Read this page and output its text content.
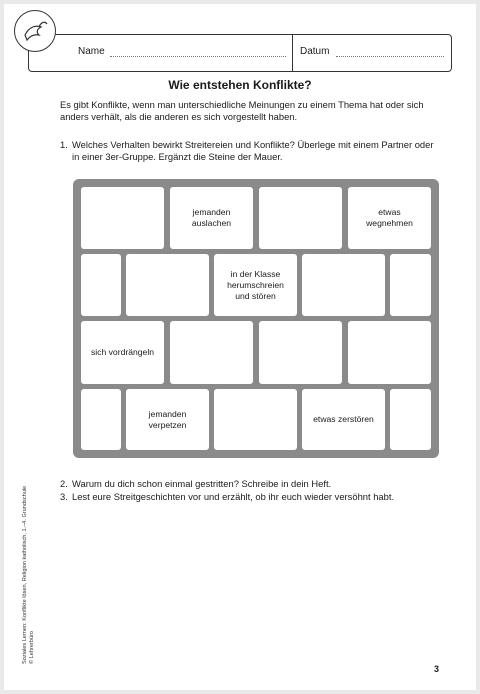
Name	Datum
Wie entstehen Konflikte?
Es gibt Konflikte, wenn man unterschiedliche Meinungen zu einem Thema hat oder sich anders verhält, als die anderen es sich vorgestellt haben.
1. Welches Verhalten bewirkt Streitereien und Konflikte? Überlege mit einem Partner oder in einer 3er-Gruppe. Ergänzt die Steine der Mauer.
jemanden
auslachen
etwas
wegnehmen
in der Klasse
herumschreien
und stören
sich vordrängeln
jemanden
verpetzen
etwas zerstören
2. Warum du dich schon einmal gestritten? Schreibe in dein Heft.
3. Lest eure Streitgeschichten vor und erzählt, ob ihr euch wieder versöhnt habt.
Soziales Lernen: Konflikte lösen, Religion katholisch, 1.–4. Grundschule
© Lehrerbüro
3
